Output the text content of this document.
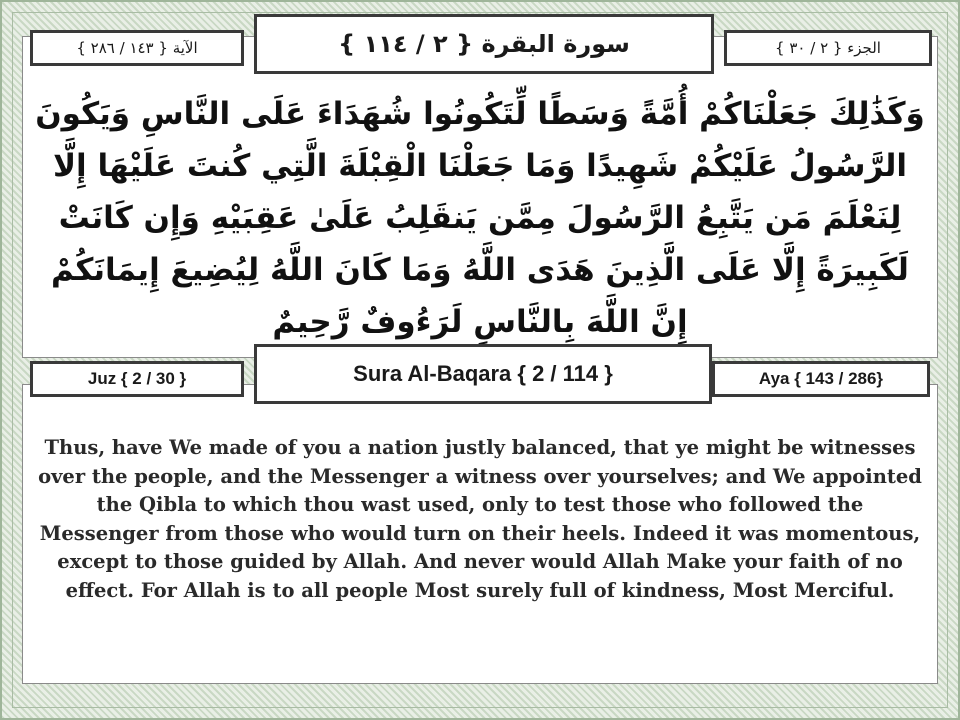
الآية { ١٤٣ / ٢٨٦ }	سورة البقرة { ٢ / ١١٤ }	الجزء { ٢ / ٣٠ }
وَكَذَٰلِكَ جَعَلْنَاكُمْ أُمَّةً وَسَطًا لِّتَكُونُوا شُهَدَاءَ عَلَى النَّاسِ وَيَكُونَ الرَّسُولُ عَلَيْكُمْ شَهِيدًا وَمَا جَعَلْنَا الْقِبْلَةَ الَّتِي كُنتَ عَلَيْهَا إِلَّا لِنَعْلَمَ مَن يَتَّبِعُ الرَّسُولَ مِمَّن يَنقَلِبُ عَلَىٰ عَقِبَيْهِ وَإِن كَانَتْ لَكَبِيرَةً إِلَّا عَلَى الَّذِينَ هَدَى اللَّهُ وَمَا كَانَ اللَّهُ لِيُضِيعَ إِيمَانَكُمْ إِنَّ اللَّهَ بِالنَّاسِ لَرَءُوفٌ رَّحِيمٌ
Juz { 2 / 30 }	Sura Al-Baqara { 2 / 114 }	Aya { 143 / 286}
Thus, have We made of you a nation justly balanced, that ye might be witnesses over the people, and the Messenger a witness over yourselves; and We appointed the Qibla to which thou wast used, only to test those who followed the Messenger from those who would turn on their heels. Indeed it was momentous, except to those guided by Allah. And never would Allah Make your faith of no effect. For Allah is to all people Most surely full of kindness, Most Merciful.
